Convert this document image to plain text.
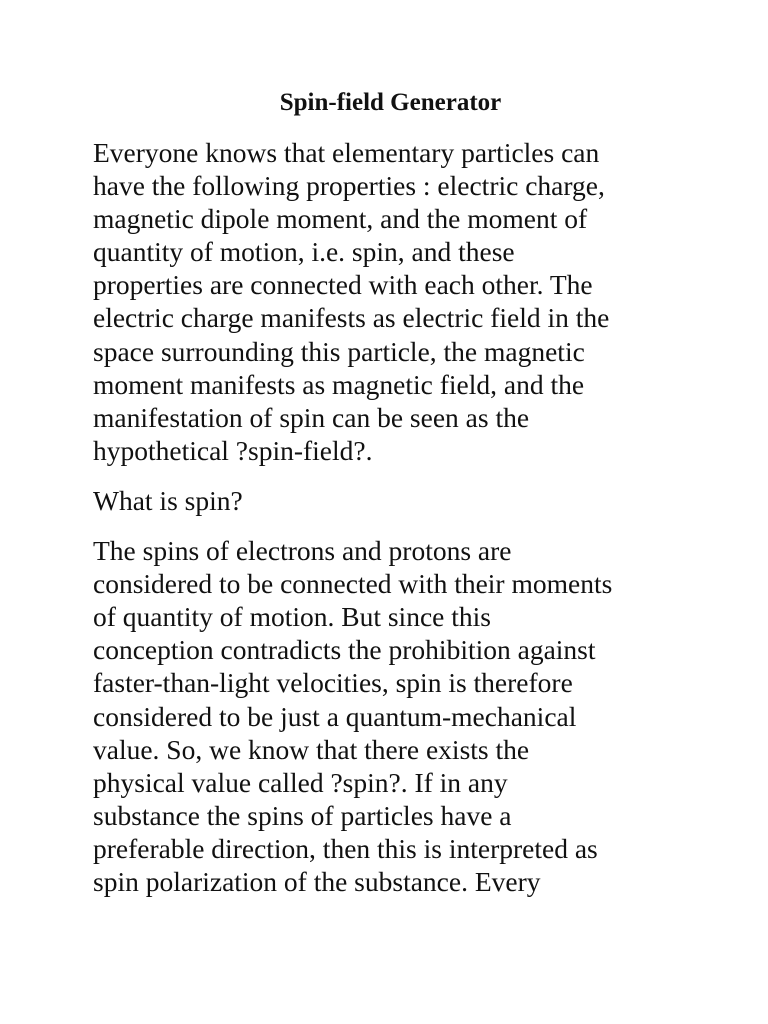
Spin-field Generator
Everyone knows that elementary particles can
have the following properties : electric charge,
magnetic dipole moment, and the moment of
quantity of motion, i.e. spin, and these
properties are connected with each other. The
electric charge manifests as electric field in the
space surrounding this particle, the magnetic
moment manifests as magnetic field, and the
manifestation of spin can be seen as the
hypothetical ?spin-field?.
What is spin?
The spins of electrons and protons are
considered to be connected with their moments
of quantity of motion. But since this
conception contradicts the prohibition against
faster-than-light velocities, spin is therefore
considered to be just a quantum-mechanical
value. So, we know that there exists the
physical value called ?spin?. If in any
substance the spins of particles have a
preferable direction, then this is interpreted as
spin polarization of the substance. Every
